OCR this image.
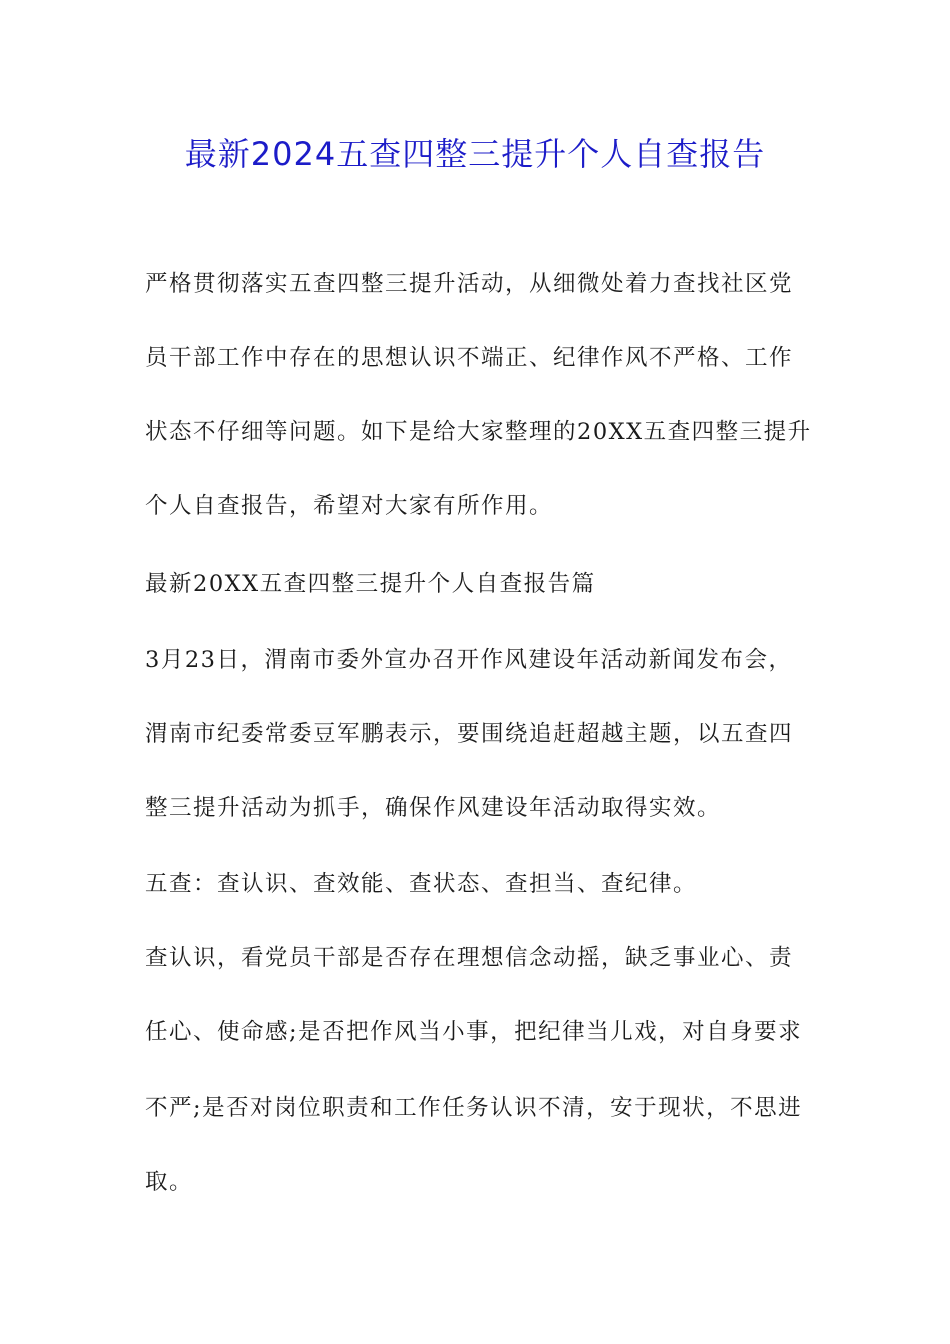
最新2024五查四整三提升个人自查报告
严格贯彻落实五查四整三提升活动，从细微处着力查找社区党
员干部工作中存在的思想认识不端正、纪律作风不严格、工作
状态不仔细等问题。如下是给大家整理的20XX五查四整三提升
个人自查报告，希望对大家有所作用。
最新20XX五查四整三提升个人自查报告篇
3月23日，渭南市委外宣办召开作风建设年活动新闻发布会，
渭南市纪委常委豆军鹏表示，要围绕追赶超越主题，以五查四
整三提升活动为抓手，确保作风建设年活动取得实效。
五查：查认识、查效能、查状态、查担当、查纪律。
查认识，看党员干部是否存在理想信念动摇，缺乏事业心、责
任心、使命感;是否把作风当小事，把纪律当儿戏，对自身要求
不严;是否对岗位职责和工作任务认识不清，安于现状，不思进
取。
